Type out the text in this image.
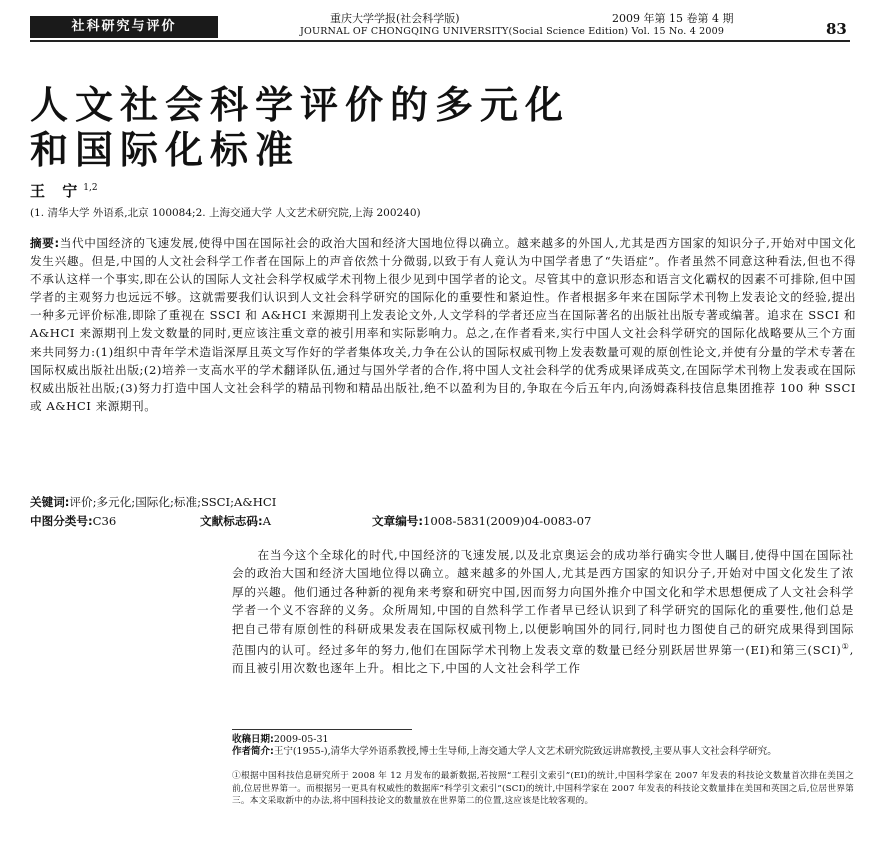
社科研究与评价
重庆大学学报(社会科学版)	2009 年第 15 卷第 4 期
JOURNAL OF CHONGQING UNIVERSITY(Social Science Edition) Vol. 15 No. 4 2009	83
人文社会科学评价的多元化
和国际化标准
王 宁$^{1,2}$
(1. 清华大学 外语系,北京 100084;2. 上海交通大学 人文艺术研究院,上海 200240)

摘要:当代中国经济的飞速发展,使得中国在国际社会的政治大国和经济大国地位得以确立。越来越多的外国人,尤其是西方国家的知识分子,开始对中国文化发生兴趣。但是,中国的人文社会科学工作者在国际上的声音依然十分微弱,以致于有人竟认为中国学者患了“失语症”。作者虽然不同意这种看法,但也不得不承认这样一个事实,即在公认的国际人文社会科学权威学术刊物上很少见到中国学者的论文。尽管其中的意识形态和语言文化霸权的因素不可排除,但中国学者的主观努力也远远不够。这就需要我们认识到人文社会科学研究的国际化的重要性和紧迫性。作者根据多年来在国际学术刊物上发表论文的经验,提出一种多元评价标准,即除了重视在 SSCI 和 A&HCI 来源期刊上发表论文外,人文学科的学者还应当在国际著名的出版社出版专著或编著。追求在 SSCI 和 A&HCI 来源期刊上发文数量的同时,更应该注重文章的被引用率和实际影响力。总之,在作者看来,实行中国人文社会科学研究的国际化战略要从三个方面来共同努力:(1)组织中青年学术造诣深厚且英文写作好的学者集体攻关,力争在公认的国际权威刊物上发表数量可观的原创性论文,并使有分量的学术专著在国际权威出版社出版;(2)培养一支高水平的学术翻译队伍,通过与国外学者的合作,将中国人文社会科学的优秀成果译成英文,在国际学术刊物上发表或在国际权威出版社出版;(3)努力打造中国人文社会科学的精品刊物和精品出版社,绝不以盈利为目的,争取在今后五年内,向汤姆森科技信息集团推荐 100 种 SSCI 或 A&HCI 来源期刊。

关键词:评价;多元化;国际化;标准;SSCI;A&HCI
中图分类号:C36	文献标志码:A	文章编号:1008-5831(2009)04-0083-07

在当今这个全球化的时代,中国经济的飞速发展,以及北京奥运会的成功举行确实令世人瞩目,使得中国在国际社会的政治大国和经济大国地位得以确立。越来越多的外国人,尤其是西方国家的知识分子,开始对中国文化发生了浓厚的兴趣。他们通过各种新的视角来考察和研究中国,因而努力向国外推介中国文化和学术思想便成了人文社会科学学者一个义不容辞的义务。众所周知,中国的自然科学工作者早已经认识到了科学研究的国际化的重要性,他们总是把自己带有原创性的科研成果发表在国际权威刊物上,以便影响国外的同行,同时也力图使自己的研究成果得到国际范围内的认可。经过多年的努力,他们在国际学术刊物上发表文章的数量已经分别跃居世界第一(EI)和第三(SCI)①,而且被引用次数也逐年上升。相比之下,中国的人文社会科学工作

收稿日期:2009-05-31
作者简介:王宁(1955-),清华大学外语系教授,博士生导师,上海交通大学人文艺术研究院致远讲席教授,主要从事人文社会科学研究。

①根据中国科技信息研究所于 2008 年 12 月发布的最新数据,若按照“工程引文索引”(EI)的统计,中国科学家在 2007 年发表的科技论文数量首次排在美国之前,位居世界第一。而根据另一更具有权威性的数据库“科学引文索引”(SCI)的统计,中国科学家在 2007 年发表的科技论文数量排在美国和英国之后,位居世界第三。本文采取新中的办法,将中国科技论文的数量放在世界第二的位置,这应该是比较客观的。
